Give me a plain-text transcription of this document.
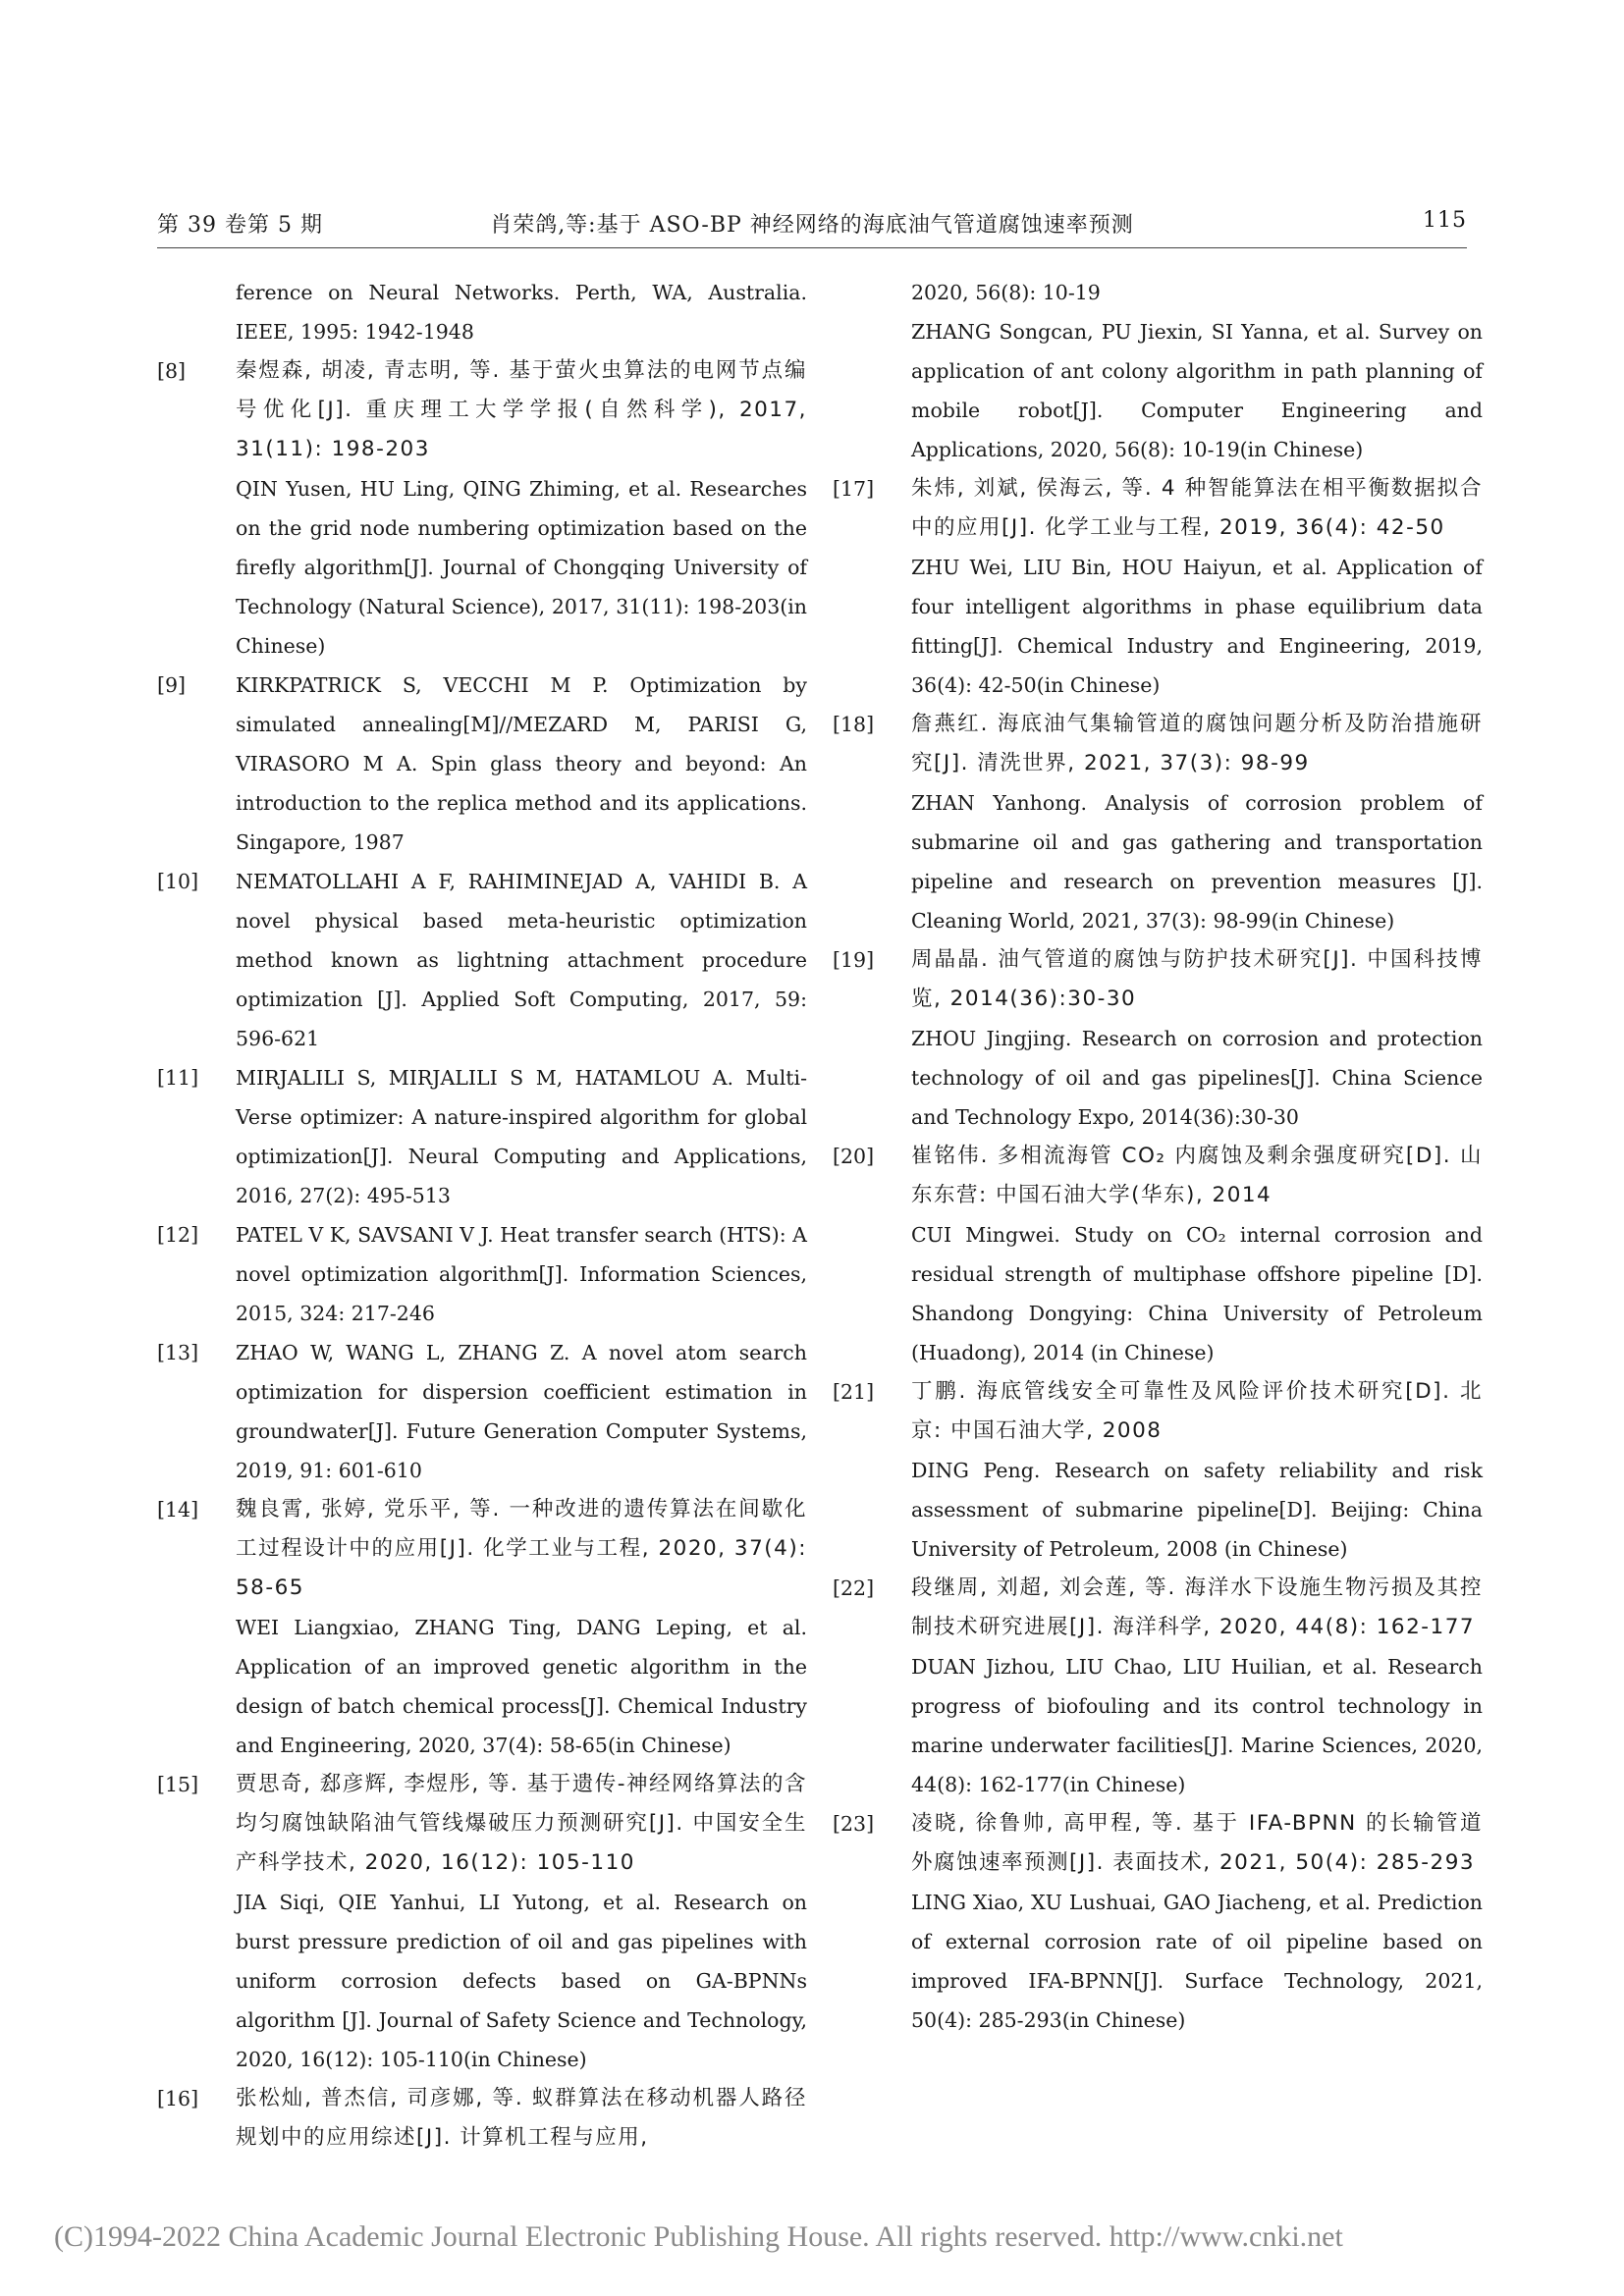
第 39 卷第 5 期	肖荣鸽,等:基于 ASO-BP 神经网络的海底油气管道腐蚀速率预测	115

ference on Neural Networks. Perth, WA, Australia. IEEE, 1995: 1942-1948

[8]	秦煜森, 胡凌, 青志明, 等. 基于萤火虫算法的电网节点编号优化[J]. 重庆理工大学学报(自然科学), 2017, 31(11): 198-203

QIN Yusen, HU Ling, QING Zhiming, et al. Researches on the grid node numbering optimization based on the firefly algorithm[J]. Journal of Chongqing University of Technology (Natural Science), 2017, 31(11): 198-203(in Chinese)

[9]	KIRKPATRICK S, VECCHI M P. Optimization by simulated annealing[M]//MEZARD M, PARISI G, VIRASORO M A. Spin glass theory and beyond: An introduction to the replica method and its applications. Singapore, 1987

[10]	NEMATOLLAHI A F, RAHIMINEJAD A, VAHIDI B. A novel physical based meta-heuristic optimization method known as lightning attachment procedure optimization [J]. Applied Soft Computing, 2017, 59: 596-621

[11]	MIRJALILI S, MIRJALILI S M, HATAMLOU A. Multi-Verse optimizer: A nature-inspired algorithm for global optimization[J]. Neural Computing and Applications, 2016, 27(2): 495-513

[12]	PATEL V K, SAVSANI V J. Heat transfer search (HTS): A novel optimization algorithm[J]. Information Sciences, 2015, 324: 217-246

[13]	ZHAO W, WANG L, ZHANG Z. A novel atom search optimization for dispersion coefficient estimation in groundwater[J]. Future Generation Computer Systems, 2019, 91: 601-610

[14]	魏良霄, 张婷, 党乐平, 等. 一种改进的遗传算法在间歇化工过程设计中的应用[J]. 化学工业与工程, 2020, 37(4): 58-65

WEI Liangxiao, ZHANG Ting, DANG Leping, et al. Application of an improved genetic algorithm in the design of batch chemical process[J]. Chemical Industry and Engineering, 2020, 37(4): 58-65(in Chinese)

[15]	贾思奇, 郄彦辉, 李煜彤, 等. 基于遗传-神经网络算法的含均匀腐蚀缺陷油气管线爆破压力预测研究[J]. 中国安全生产科学技术, 2020, 16(12): 105-110

JIA Siqi, QIE Yanhui, LI Yutong, et al. Research on burst pressure prediction of oil and gas pipelines with uniform corrosion defects based on GA-BPNNs algorithm [J]. Journal of Safety Science and Technology, 2020, 16(12): 105-110(in Chinese)

[16]	张松灿, 普杰信, 司彦娜, 等. 蚁群算法在移动机器人路径规划中的应用综述[J]. 计算机工程与应用,

2020, 56(8): 10-19

ZHANG Songcan, PU Jiexin, SI Yanna, et al. Survey on application of ant colony algorithm in path planning of mobile robot[J]. Computer Engineering and Applications, 2020, 56(8): 10-19(in Chinese)

[17]	朱炜, 刘斌, 侯海云, 等. 4 种智能算法在相平衡数据拟合中的应用[J]. 化学工业与工程, 2019, 36(4): 42-50

ZHU Wei, LIU Bin, HOU Haiyun, et al. Application of four intelligent algorithms in phase equilibrium data fitting[J]. Chemical Industry and Engineering, 2019, 36(4): 42-50(in Chinese)

[18]	詹燕红. 海底油气集输管道的腐蚀问题分析及防治措施研究[J]. 清洗世界, 2021, 37(3): 98-99

ZHAN Yanhong. Analysis of corrosion problem of submarine oil and gas gathering and transportation pipeline and research on prevention measures [J]. Cleaning World, 2021, 37(3): 98-99(in Chinese)

[19]	周晶晶. 油气管道的腐蚀与防护技术研究[J]. 中国科技博览, 2014(36):30-30

ZHOU Jingjing. Research on corrosion and protection technology of oil and gas pipelines[J]. China Science and Technology Expo, 2014(36):30-30

[20]	崔铭伟. 多相流海管 CO₂ 内腐蚀及剩余强度研究[D]. 山东东营: 中国石油大学(华东), 2014

CUI Mingwei. Study on CO₂ internal corrosion and residual strength of multiphase offshore pipeline [D]. Shandong Dongying: China University of Petroleum (Huadong), 2014 (in Chinese)

[21]	丁鹏. 海底管线安全可靠性及风险评价技术研究[D]. 北京: 中国石油大学, 2008

DING Peng. Research on safety reliability and risk assessment of submarine pipeline[D]. Beijing: China University of Petroleum, 2008 (in Chinese)

[22]	段继周, 刘超, 刘会莲, 等. 海洋水下设施生物污损及其控制技术研究进展[J]. 海洋科学, 2020, 44(8): 162-177

DUAN Jizhou, LIU Chao, LIU Huilian, et al. Research progress of biofouling and its control technology in marine underwater facilities[J]. Marine Sciences, 2020, 44(8): 162-177(in Chinese)

[23]	凌晓, 徐鲁帅, 高甲程, 等. 基于 IFA-BPNN 的长输管道外腐蚀速率预测[J]. 表面技术, 2021, 50(4): 285-293

LING Xiao, XU Lushuai, GAO Jiacheng, et al. Prediction of external corrosion rate of oil pipeline based on improved IFA-BPNN[J]. Surface Technology, 2021, 50(4): 285-293(in Chinese)

(C)1994-2022 China Academic Journal Electronic Publishing House. All rights reserved. http://www.cnki.net
